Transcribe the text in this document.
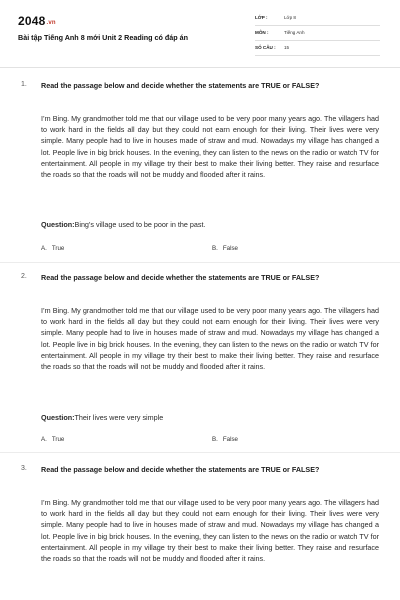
2048.vn
Bài tập Tiếng Anh 8 mới Unit 2 Reading có đáp án
LỚP :	Lớp 8
MÔN :	Tiếng Anh
SỐ CÂU : 15
1. Read the passage below and decide whether the statements are TRUE or FALSE?
I’m Bing. My grandmother told me that our village used to be very poor many years ago. The villagers had to work hard in the fields all day but they could not earn enough for their living. Their lives were very simple. Many people had to live in houses made of straw and mud. Nowadays my village has changed a lot. People live in big brick houses. In the evening, they can listen to the news on the radio or watch TV for entertainment. All people in my village try their best to make their living better. They raise and resurface the roads so that the roads will not be muddy and flooded after it rains.
Question:Bing’s village used to be poor in the past.
A. True	B. False
2. Read the passage below and decide whether the statements are TRUE or FALSE?
I’m Bing. My grandmother told me that our village used to be very poor many years ago. The villagers had to work hard in the fields all day but they could not earn enough for their living. Their lives were very simple. Many people had to live in houses made of straw and mud. Nowadays my village has changed a lot. People live in big brick houses. In the evening, they can listen to the news on the radio or watch TV for entertainment. All people in my village try their best to make their living better. They raise and resurface the roads so that the roads will not be muddy and flooded after it rains.
Question:Their lives were very simple
A. True	B. False
3. Read the passage below and decide whether the statements are TRUE or FALSE?
I’m Bing. My grandmother told me that our village used to be very poor many years ago. The villagers had to work hard in the fields all day but they could not earn enough for their living. Their lives were very simple. Many people had to live in houses made of straw and mud. Nowadays my village has changed a lot. People live in big brick houses. In the evening, they can listen to the news on the radio or watch TV for entertainment. All people in my village try their best to make their living better. They raise and resurface the roads so that the roads will not be muddy and flooded after it rains.
